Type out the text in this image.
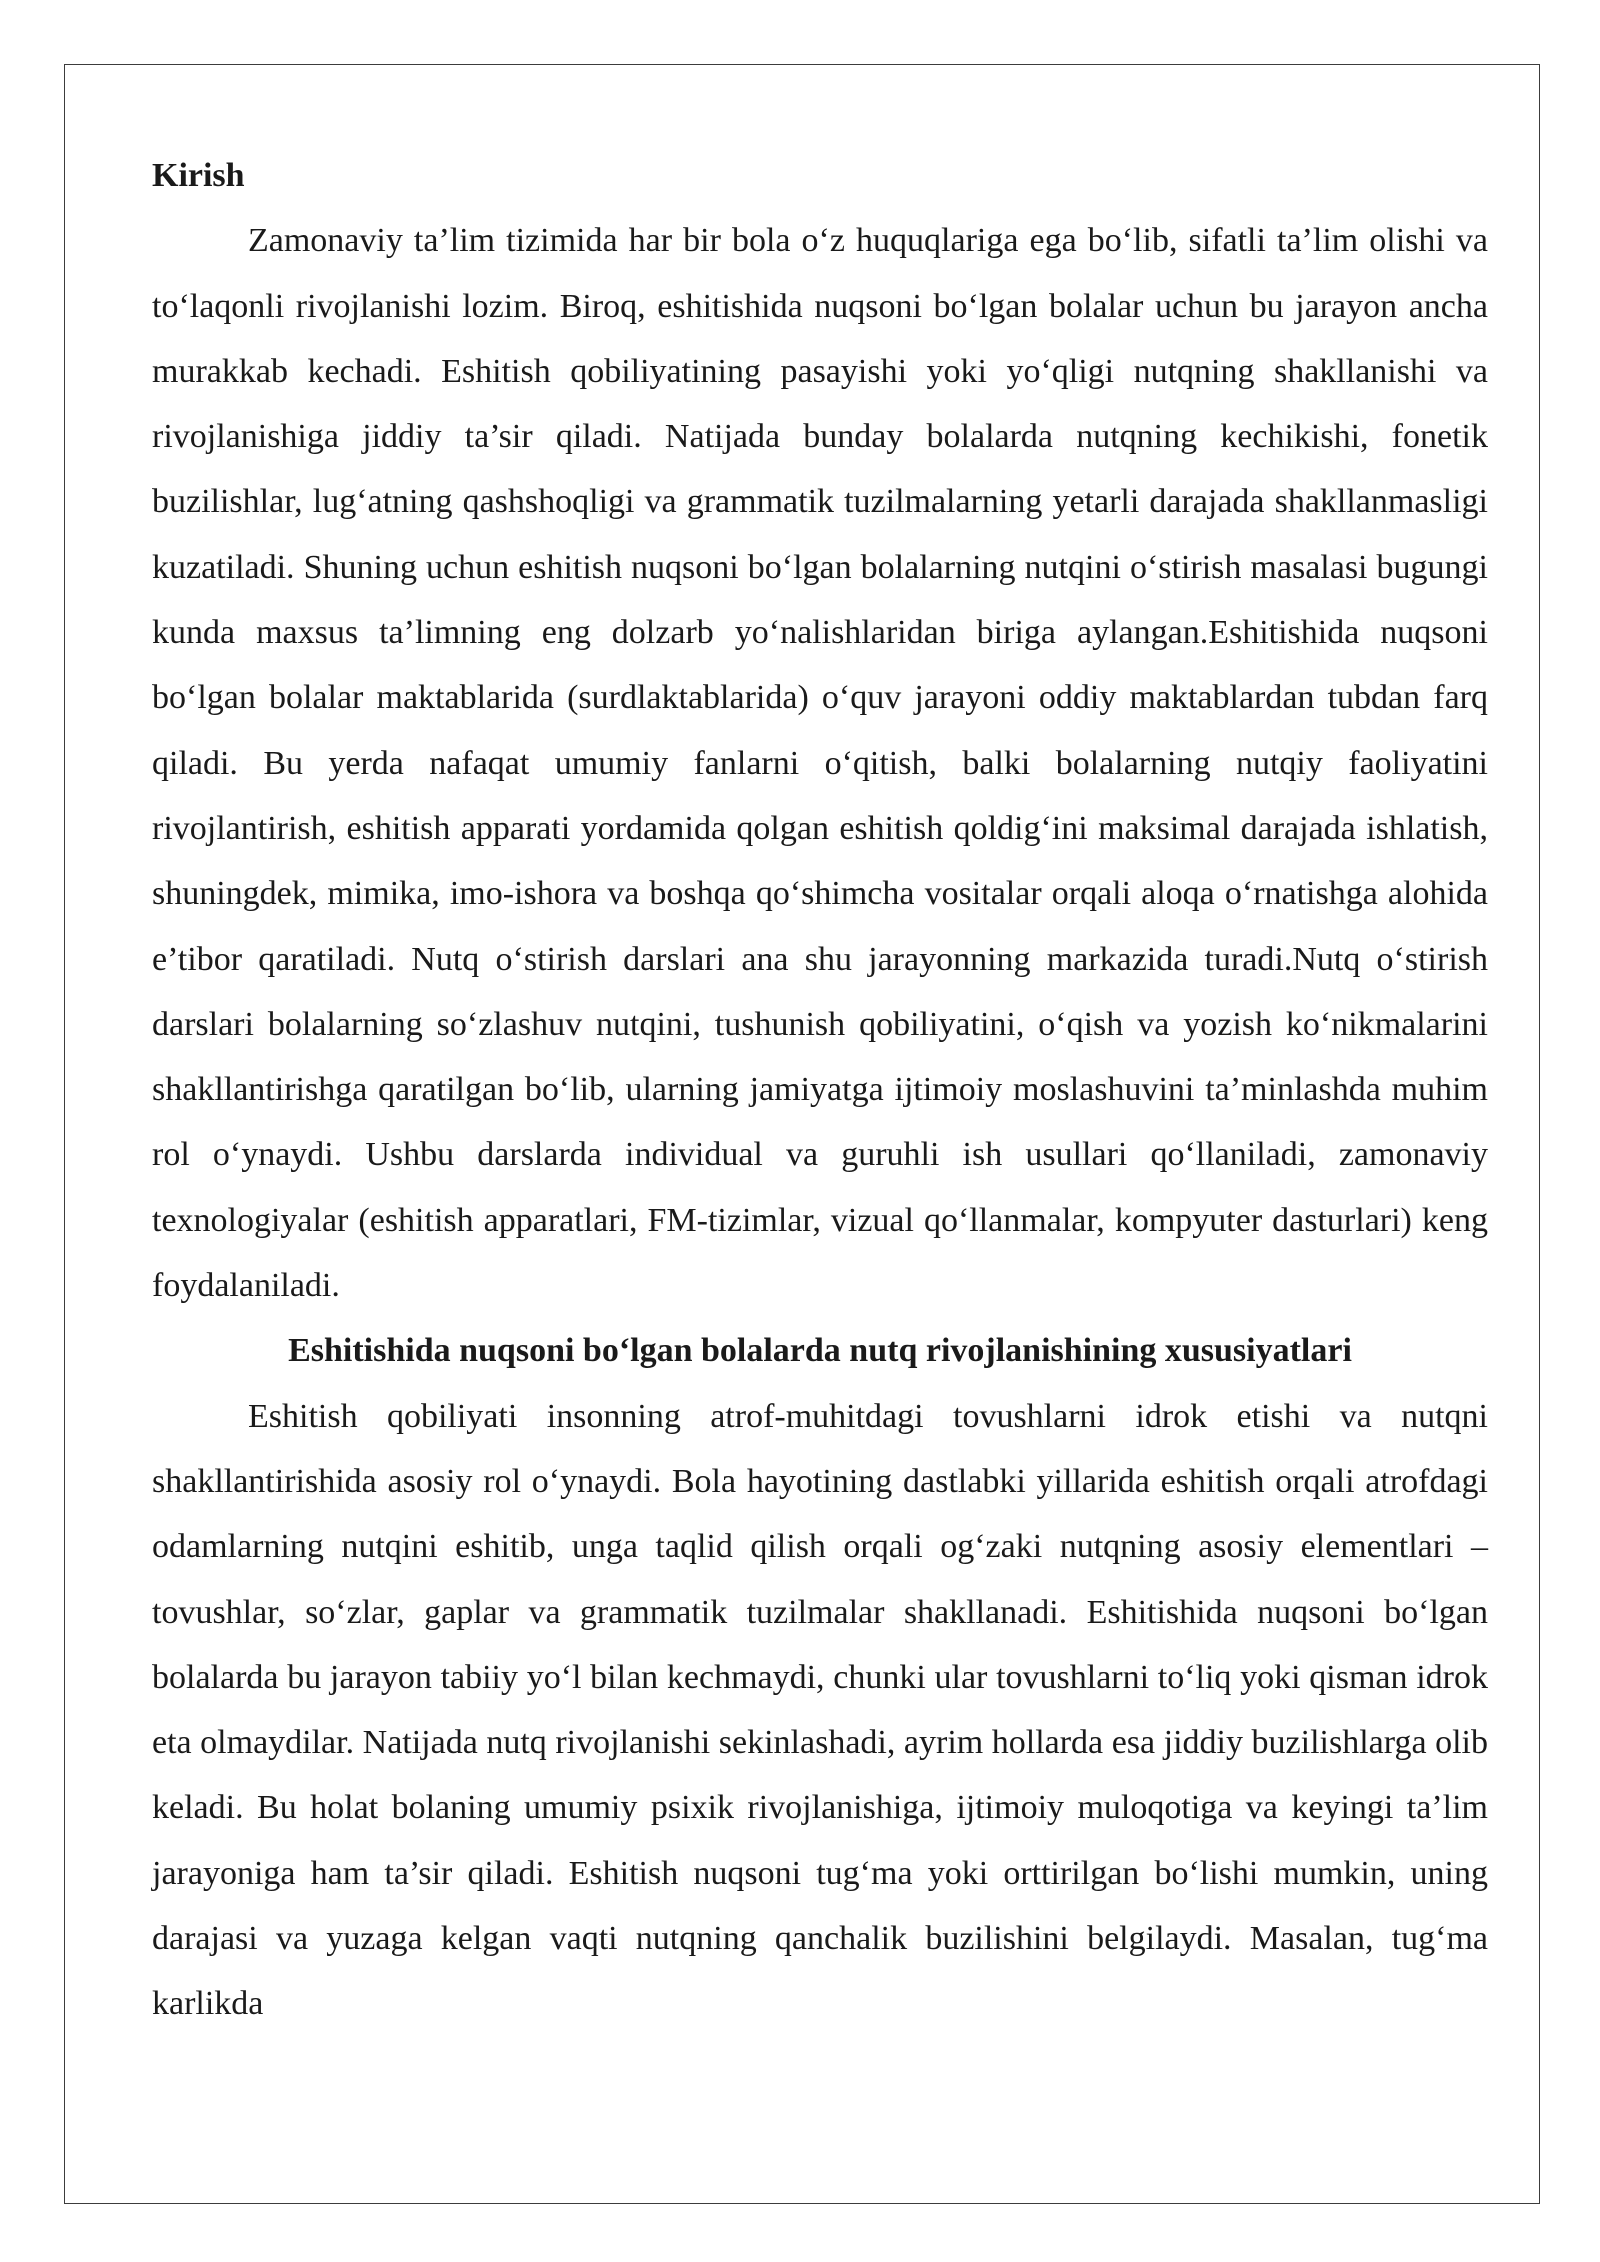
Kirish

Zamonaviy ta’lim tizimida har bir bola o‘z huquqlariga ega bo‘lib, sifatli ta’lim olishi va to‘laqonli rivojlanishi lozim. Biroq, eshitishida nuqsoni bo‘lgan bolalar uchun bu jarayon ancha murakkab kechadi. Eshitish qobiliyatining pasayishi yoki yo‘qligi nutqning shakllanishi va rivojlanishiga jiddiy ta’sir qiladi. Natijada bunday bolalarda nutqning kechikishi, fonetik buzilishlar, lug‘atning qashshoqligi va grammatik tuzilmalarning yetarli darajada shakllanmasligi kuzatiladi. Shuning uchun eshitish nuqsoni bo‘lgan bolalarning nutqini o‘stirish masalasi bugungi kunda maxsus ta’limning eng dolzarb yo‘nalishlaridan biriga aylangan.Eshitishida nuqsoni bo‘lgan bolalar maktablarida (surdlaktablarida) o‘quv jarayoni oddiy maktablardan tubdan farq qiladi. Bu yerda nafaqat umumiy fanlarni o‘qitish, balki bolalarning nutqiy faoliyatini rivojlantirish, eshitish apparati yordamida qolgan eshitish qoldig‘ini maksimal darajada ishlatish, shuningdek, mimika, imo-ishora va boshqa qo‘shimcha vositalar orqali aloqa o‘rnatishga alohida e’tibor qaratiladi. Nutq o‘stirish darslari ana shu jarayonning markazida turadi.Nutq o‘stirish darslari bolalarning so‘zlashuv nutqini, tushunish qobiliyatini, o‘qish va yozish ko‘nikmalarini shakllantirishga qaratilgan bo‘lib, ularning jamiyatga ijtimoiy moslashuvini ta’minlashda muhim rol o‘ynaydi. Ushbu darslarda individual va guruhli ish usullari qo‘llaniladi, zamonaviy texnologiyalar (eshitish apparatlari, FM-tizimlar, vizual qo‘llanmalar, kompyuter dasturlari) keng foydalaniladi.

Eshitishida nuqsoni bo‘lgan bolalarda nutq rivojlanishining xususiyatlari

Eshitish qobiliyati insonning atrof-muhitdagi tovushlarni idrok etishi va nutqni shakllantirishida asosiy rol o‘ynaydi. Bola hayotining dastlabki yillarida eshitish orqali atrofdagi odamlarning nutqini eshitib, unga taqlid qilish orqali og‘zaki nutqning asosiy elementlari – tovushlar, so‘zlar, gaplar va grammatik tuzilmalar shakllanadi. Eshitishida nuqsoni bo‘lgan bolalarda bu jarayon tabiiy yo‘l bilan kechmaydi, chunki ular tovushlarni to‘liq yoki qisman idrok eta olmaydilar. Natijada nutq rivojlanishi sekinlashadi, ayrim hollarda esa jiddiy buzilishlarga olib keladi. Bu holat bolaning umumiy psixik rivojlanishiga, ijtimoiy muloqotiga va keyingi ta’lim jarayoniga ham ta’sir qiladi. Eshitish nuqsoni tug‘ma yoki orttirilgan bo‘lishi mumkin, uning darajasi va yuzaga kelgan vaqti nutqning qanchalik buzilishini belgilaydi. Masalan, tug‘ma karlikda
